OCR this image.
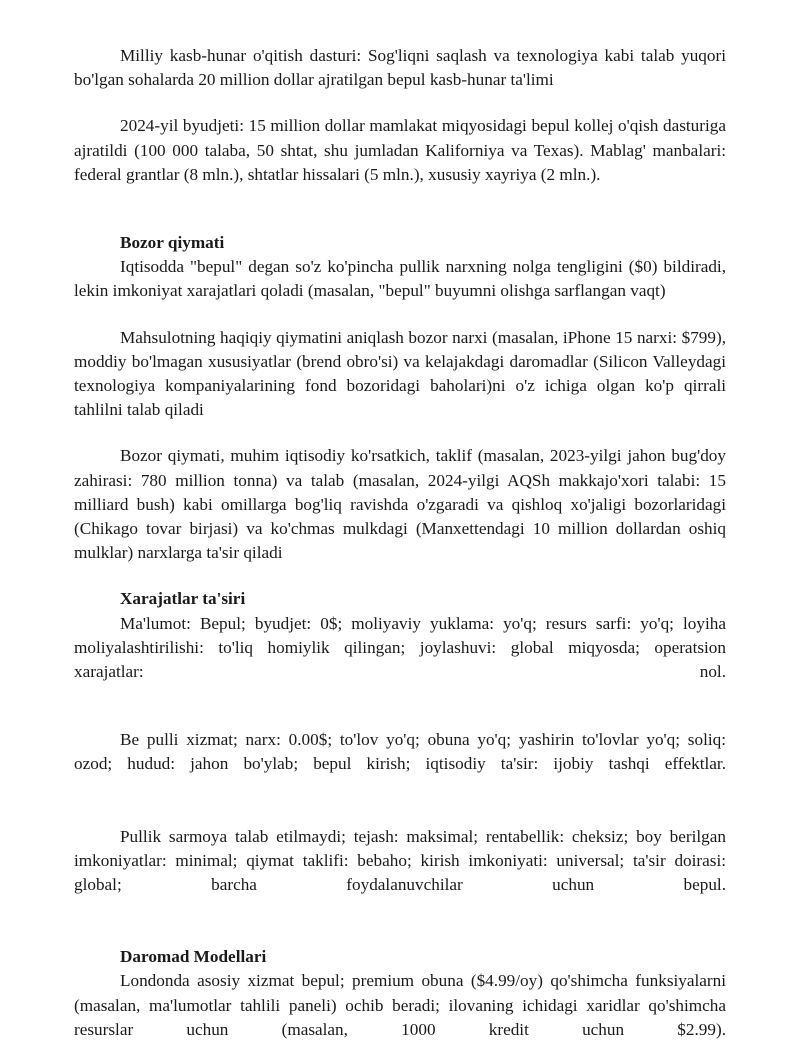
Milliy kasb-hunar o'qitish dasturi: Sog'liqni saqlash va texnologiya kabi talab yuqori bo'lgan sohalarda 20 million dollar ajratilgan bepul kasb-hunar ta'limi

2024-yil byudjeti: 15 million dollar mamlakat miqyosidagi bepul kollej o'qish dasturiga ajratildi (100 000 talaba, 50 shtat, shu jumladan Kaliforniya va Texas). Mablag' manbalari: federal grantlar (8 mln.), shtatlar hissalari (5 mln.), xususiy xayriya (2 mln.).

Bozor qiymati

Iqtisodda "bepul" degan so'z ko'pincha pullik narxning nolga tengligini ($0) bildiradi, lekin imkoniyat xarajatlari qoladi (masalan, "bepul" buyumni olishga sarflangan vaqt)

Mahsulotning haqiqiy qiymatini aniqlash bozor narxi (masalan, iPhone 15 narxi: $799), moddiy bo'lmagan xususiyatlar (brend obro'si) va kelajakdagi daromadlar (Silicon Valleydagi texnologiya kompaniyalarining fond bozoridagi baholari)ni o'z ichiga olgan ko'p qirrali tahlilni talab qiladi

Bozor qiymati, muhim iqtisodiy ko'rsatkich, taklif (masalan, 2023-yilgi jahon bug'doy zahirasi: 780 million tonna) va talab (masalan, 2024-yilgi AQSh makkajo'xori talabi: 15 milliard bush) kabi omillarga bog'liq ravishda o'zgaradi va qishloq xo'jaligi bozorlaridagi (Chikago tovar birjasi) va ko'chmas mulkdagi (Manxettendagi 10 million dollardan oshiq mulklar) narxlarga ta'sir qiladi

Xarajatlar ta'siri

Ma'lumot: Bepul; byudjet: 0$; moliyaviy yuklama: yo'q; resurs sarfi: yo'q; loyiha moliyalashtirilishi: to'liq homiylik qilingan; joylashuvi: global miqyosda; operatsion xarajatlar: nol.

Be pulli xizmat; narx: 0.00$; to'lov yo'q; obuna yo'q; yashirin to'lovlar yo'q; soliq: ozod; hudud: jahon bo'ylab; bepul kirish; iqtisodiy ta'sir: ijobiy tashqi effektlar.

Pullik sarmoya talab etilmaydi; tejash: maksimal; rentabellik: cheksiz; boy berilgan imkoniyatlar: minimal; qiymat taklifi: bebaho; kirish imkoniyati: universal; ta'sir doirasi: global; barcha foydalanuvchilar uchun bepul.

Daromad Modellari

Londonda asosiy xizmat bepul; premium obuna ($4.99/oy) qo'shimcha funksiyalarni (masalan, ma'lumotlar tahlili paneli) ochib beradi; ilovaning ichidagi xaridlar qo'shimcha resurslar uchun (masalan, 1000 kredit uchun $2.99).
